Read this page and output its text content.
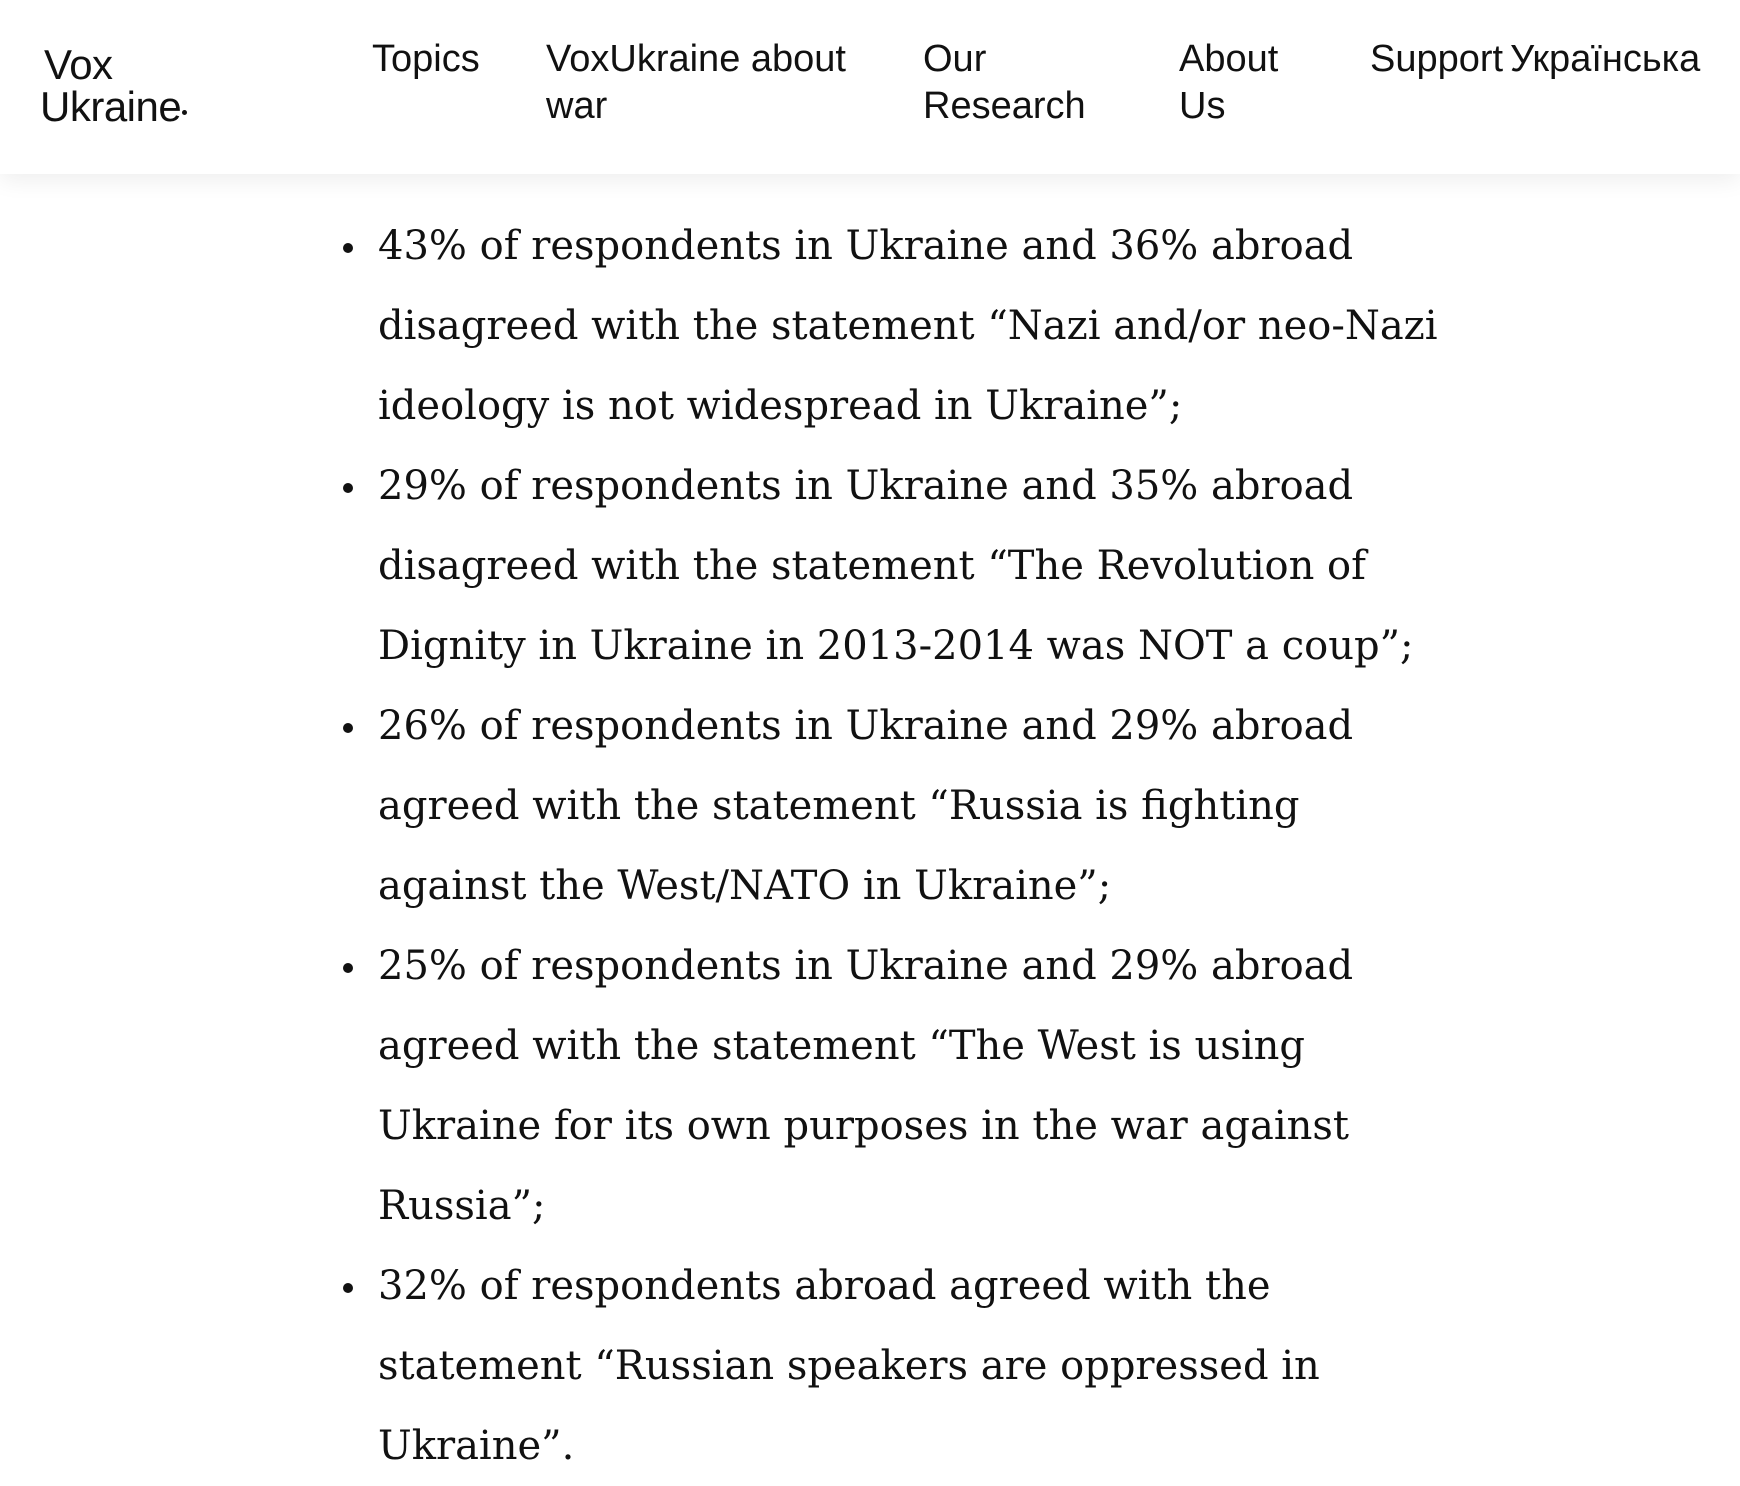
Vox
Ukraine
Topics	VoxUkraine about war
Our Research
About Us
Support Українська
43% of respondents in Ukraine and 36% abroad disagreed with the statement “Nazi and/or neo-Nazi ideology is not widespread in Ukraine”;
29% of respondents in Ukraine and 35% abroad disagreed with the statement “The Revolution of Dignity in Ukraine in 2013-2014 was NOT a coup”;
26% of respondents in Ukraine and 29% abroad agreed with the statement “Russia is fighting against the West/NATO in Ukraine”;
25% of respondents in Ukraine and 29% abroad agreed with the statement “The West is using Ukraine for its own purposes in the war against Russia”;
32% of respondents abroad agreed with the statement “Russian speakers are oppressed in Ukraine”.
